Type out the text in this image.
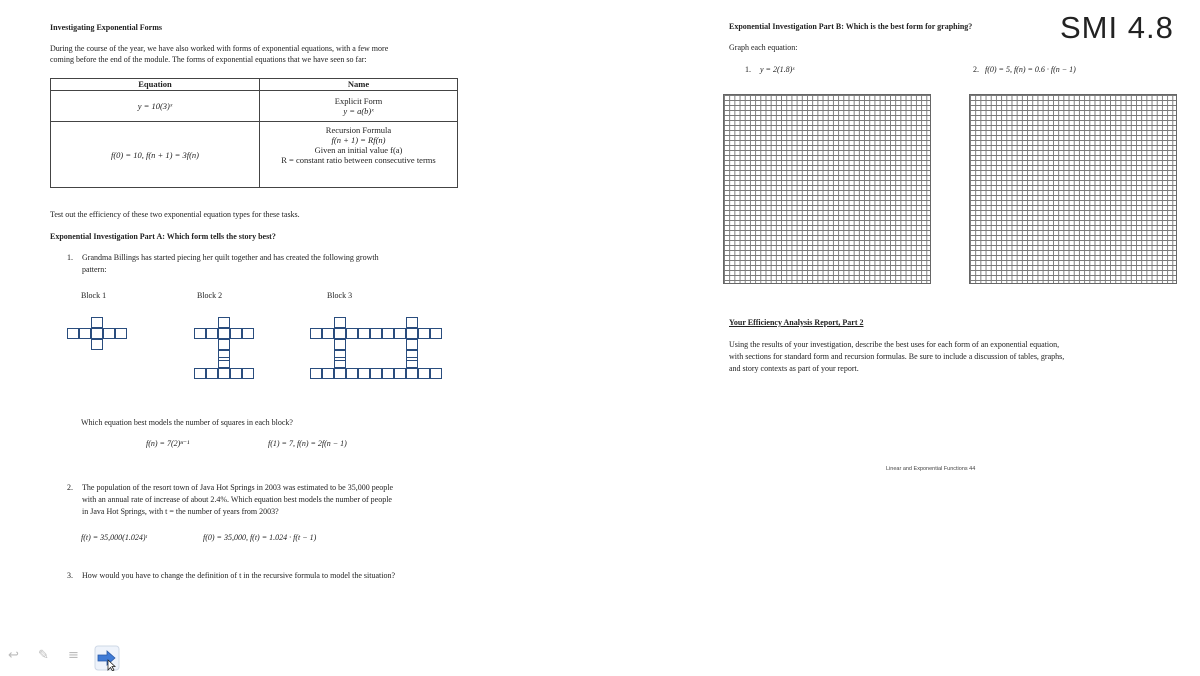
Investigating Exponential Forms
During the course of the year, we have also worked with forms of exponential equations, with a few more
coming before the end of the module. The forms of exponential equations that we have seen so far:
Equation	Name
y = 10(3)ˣ	Explicit Form
y = a(b)ˣ

f(0) = 10, f(n + 1) = 3f(n)	Recursion Formula
f(n + 1) = Rf(n)
Given an initial value f(a)
R = constant ratio between consecutive terms
Test out the efficiency of these two exponential equation types for these tasks.
Exponential Investigation Part A: Which form tells the story best?
1. Grandma Billings has started piecing her quilt together and has created the following growth
pattern:
Block 1	Block 2	Block 3
Which equation best models the number of squares in each block?
f(n) = 7(2)ⁿ⁻¹	f(1) = 7, f(n) = 2f(n − 1)
2. The population of the resort town of Java Hot Springs in 2003 was estimated to be 35,000 people
with an annual rate of increase of about 2.4%. Which equation best models the number of people
in Java Hot Springs, with t = the number of years from 2003?
f(t) = 35,000(1.024)ᵗ	f(0) = 35,000, f(t) = 1.024 · f(t − 1)
3. How would you have to change the definition of t in the recursive formula to model the situation?
SMI 4.8
Exponential Investigation Part B: Which is the best form for graphing?
Graph each equation:
1. y = 2(1.8)ˣ	2. f(0) = 5, f(n) = 0.6 · f(n − 1)
Your Efficiency Analysis Report, Part 2
Using the results of your investigation, describe the best uses for each form of an exponential equation,
with sections for standard form and recursion formulas. Be sure to include a discussion of tables, graphs,
and story contexts as part of your report.
Linear and Exponential Functions 44
↩ ✎ ≡
